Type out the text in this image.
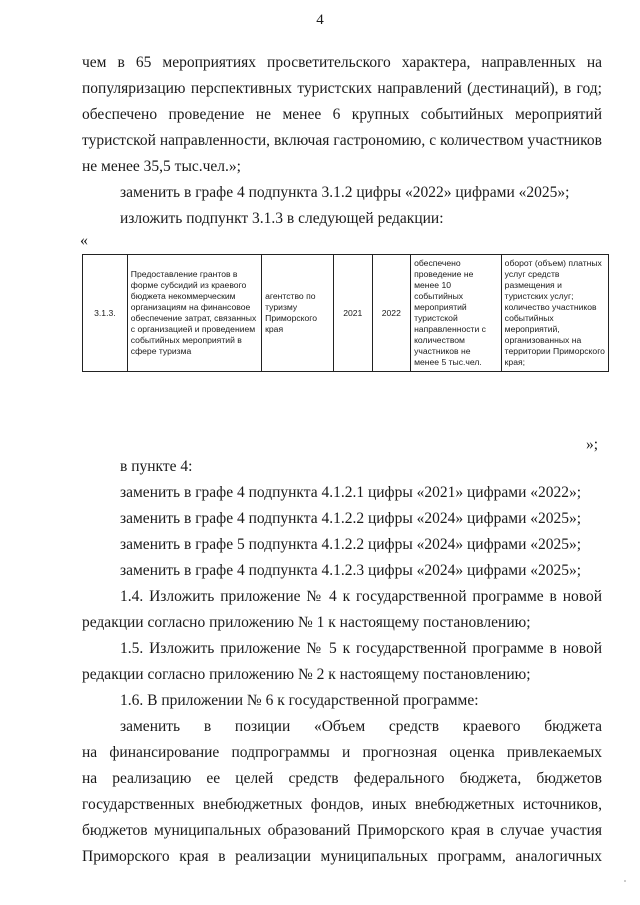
4

чем в 65 мероприятиях просветительского характера, направленных на

популяризацию перспективных туристских направлений (дестинаций), в год;

обеспечено проведение не менее 6 крупных событийных мероприятий

туристской направленности, включая гастрономию, с количеством участников

не менее 35,5 тыс.чел.»;

заменить в графе 4 подпункта 3.1.2 цифры «2022» цифрами «2025»;

изложить подпункт 3.1.3 в следующей редакции:

«
3.1.3.	Предоставление грантов в форме субсидий из краевого бюджета некоммерческим организациям на финансовое обеспечение затрат, связанных с организацией и проведением событийных мероприятий в сфере туризма	агентство по туризму Приморского края	2021	2022	обеспечено проведение не менее 10 событийных мероприятий туристской направленности с количеством участников не менее 5 тыс.чел.	оборот (объем) платных услуг средств размещения и туристских услуг; количество участников событийных мероприятий, организованных на территории Приморского края;
»;

в пункте 4:

заменить в графе 4 подпункта 4.1.2.1 цифры «2021» цифрами «2022»;

заменить в графе 4 подпункта 4.1.2.2 цифры «2024» цифрами «2025»;

заменить в графе 5 подпункта 4.1.2.2 цифры «2024» цифрами «2025»;

заменить в графе 4 подпункта 4.1.2.3 цифры «2024» цифрами «2025»;

1.4. Изложить приложение № 4 к государственной программе в новой

редакции согласно приложению № 1 к настоящему постановлению;

1.5. Изложить приложение № 5 к государственной программе в новой

редакции согласно приложению № 2 к настоящему постановлению;

1.6. В приложении № 6 к государственной программе:

заменить в позиции «Объем средств краевого бюджета

на финансирование подпрограммы и прогнозная оценка привлекаемых

на реализацию ее целей средств федерального бюджета, бюджетов

государственных внебюджетных фондов, иных внебюджетных источников,

бюджетов муниципальных образований Приморского края в случае участия

Приморского края в реализации муниципальных программ, аналогичных
